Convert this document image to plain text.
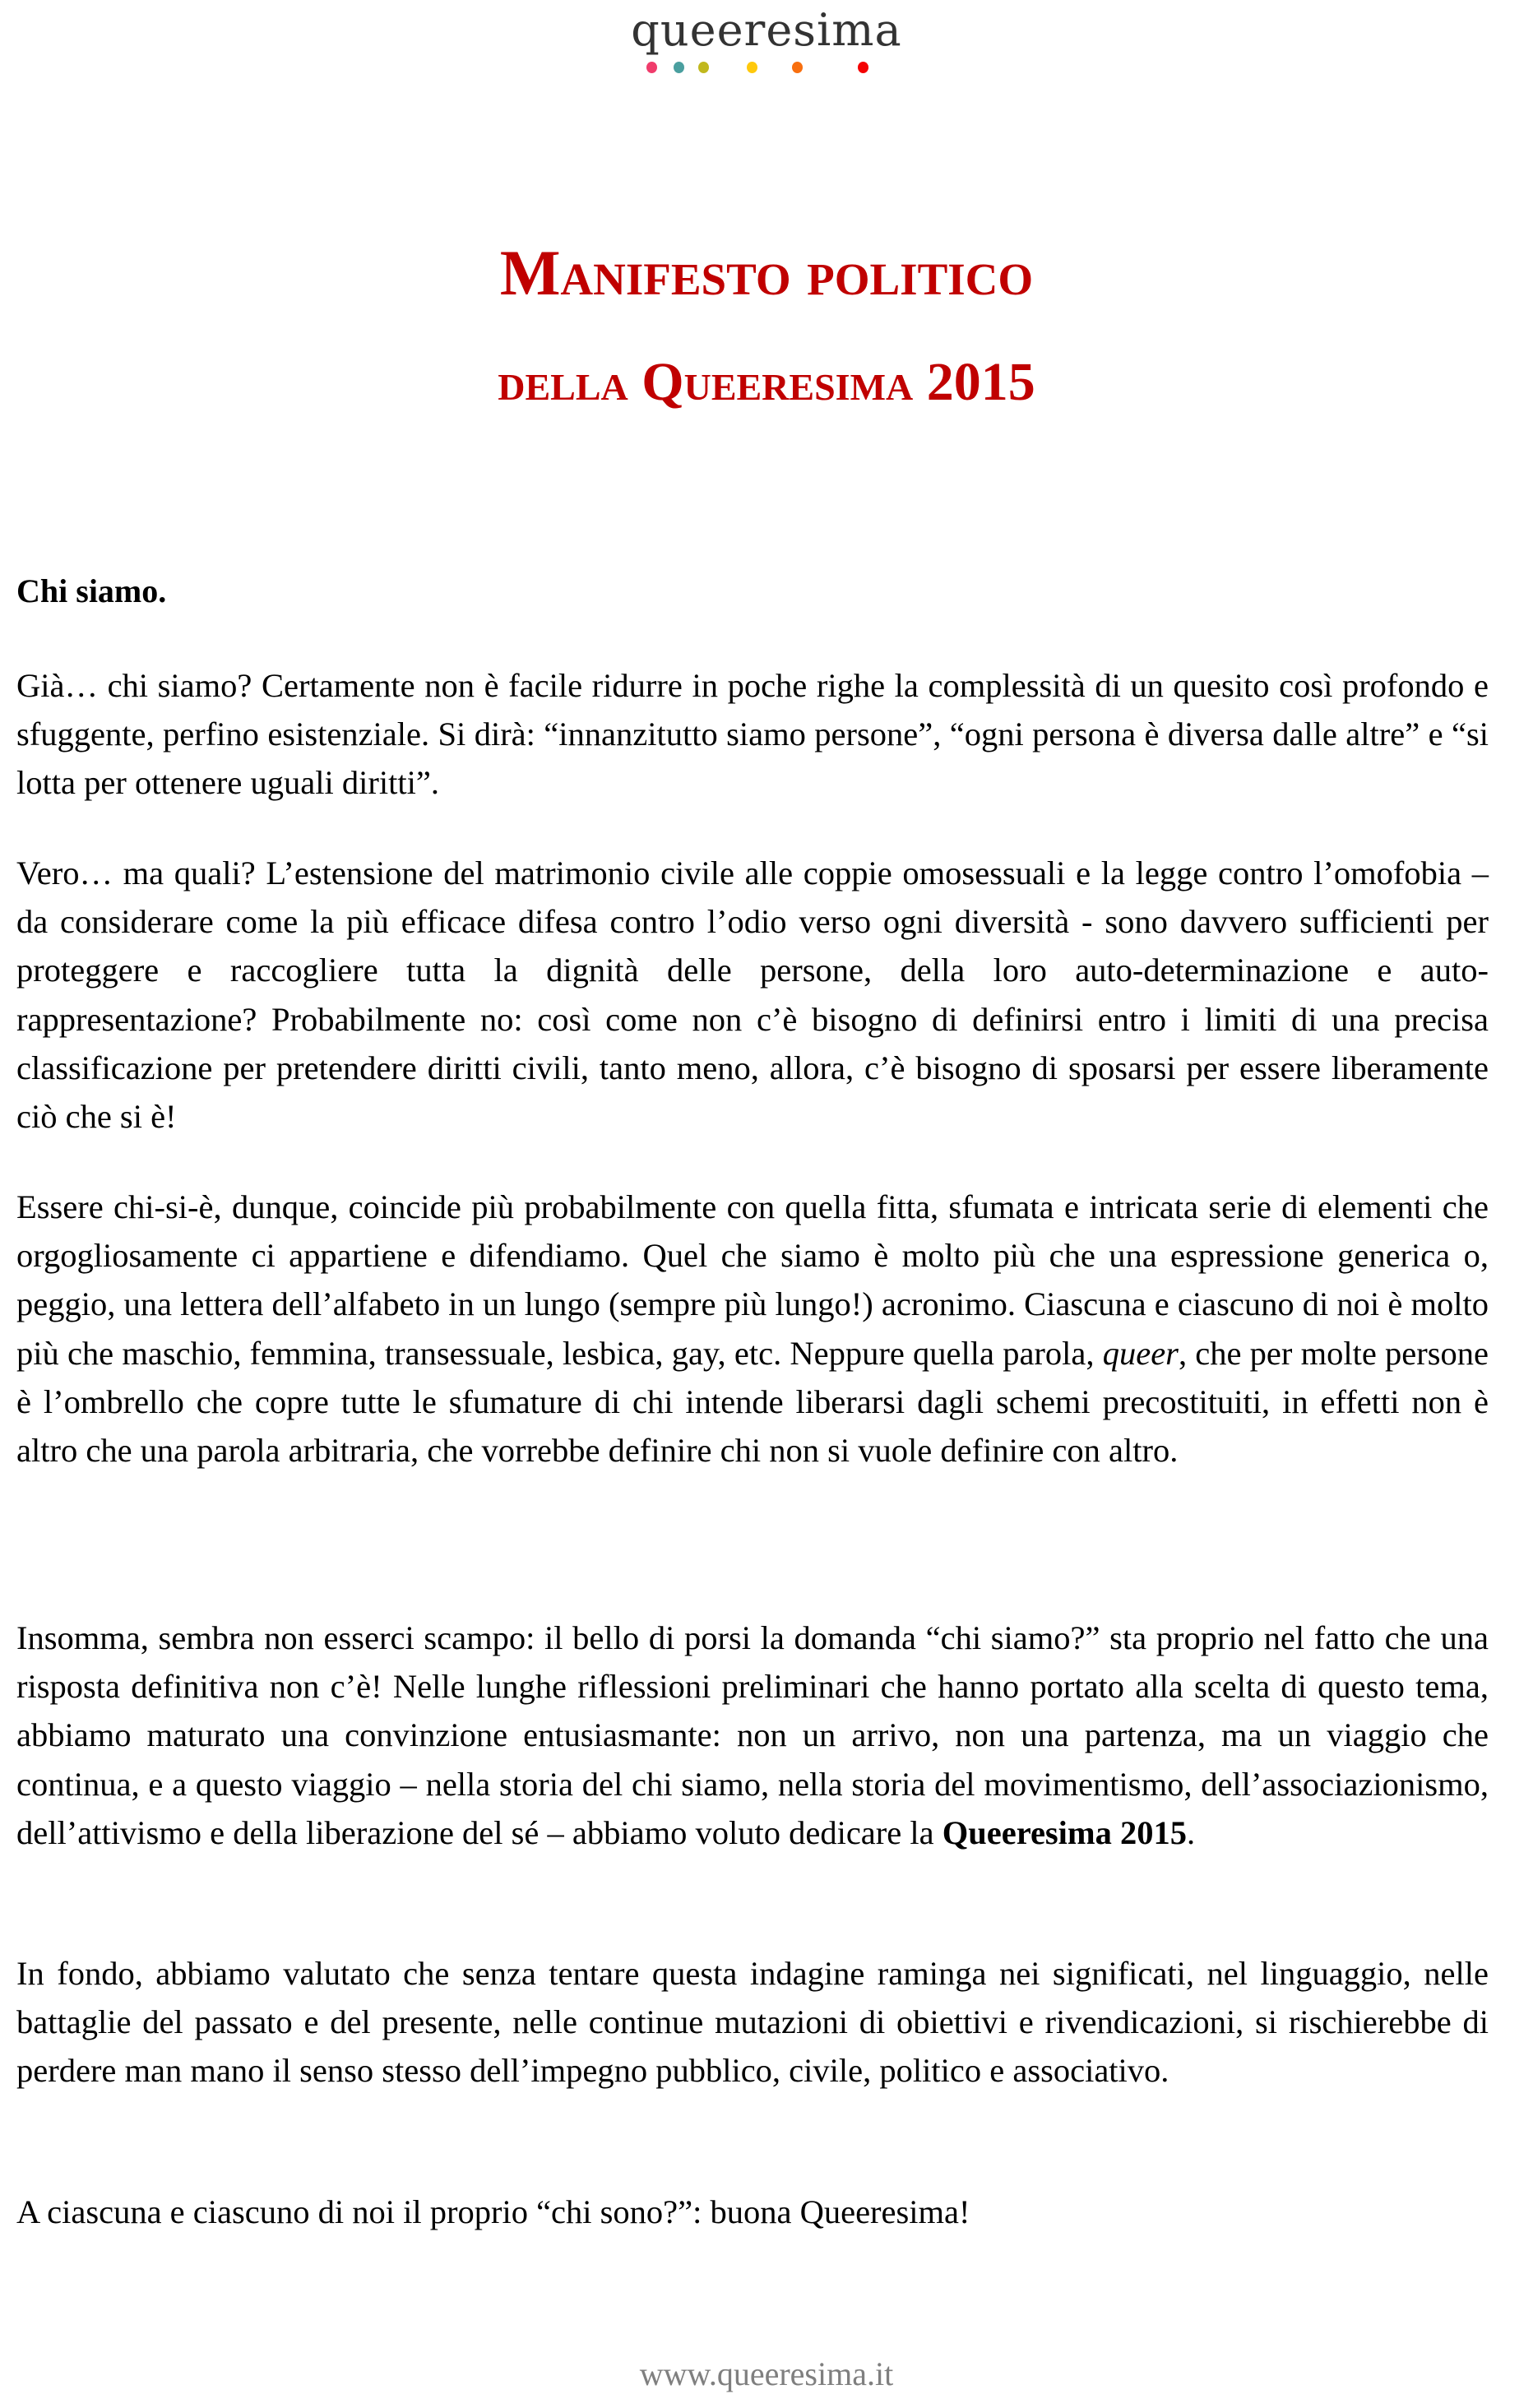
queeresima
Manifesto politico
della Queeresima 2015
Chi siamo.

Già… chi siamo? Certamente non è facile ridurre in poche righe la complessità di un quesito così profondo e sfuggente, perfino esistenziale. Si dirà: “innanzitutto siamo persone”, “ogni persona è diversa dalle altre” e “si lotta per ottenere uguali diritti”.

Vero… ma quali? L’estensione del matrimonio civile alle coppie omosessuali e la legge contro l’omofobia – da considerare come la più efficace difesa contro l’odio verso ogni diversità - sono davvero sufficienti per proteggere e raccogliere tutta la dignità delle persone, della loro auto-determinazione e auto-rappresentazione? Probabilmente no: così come non c’è bisogno di definirsi entro i limiti di una precisa classificazione per pretendere diritti civili, tanto meno, allora, c’è bisogno di sposarsi per essere liberamente ciò che si è!

Essere chi-si-è, dunque, coincide più probabilmente con quella fitta, sfumata e intricata serie di elementi che orgogliosamente ci appartiene e difendiamo. Quel che siamo è molto più che una espressione generica o, peggio, una lettera dell’alfabeto in un lungo (sempre più lungo!) acronimo. Ciascuna e ciascuno di noi è molto più che maschio, femmina, transessuale, lesbica, gay, etc. Neppure quella parola, queer, che per molte persone è l’ombrello che copre tutte le sfumature di chi intende liberarsi dagli schemi precostituiti, in effetti non è altro che una parola arbitraria, che vorrebbe definire chi non si vuole definire con altro.

Insomma, sembra non esserci scampo: il bello di porsi la domanda “chi siamo?” sta proprio nel fatto che una risposta definitiva non c’è! Nelle lunghe riflessioni preliminari che hanno portato alla scelta di questo tema, abbiamo maturato una convinzione entusiasmante: non un arrivo, non una partenza, ma un viaggio che continua, e a questo viaggio – nella storia del chi siamo, nella storia del movimentismo, dell’associazionismo, dell’attivismo e della liberazione del sé – abbiamo voluto dedicare la Queeresima 2015.

In fondo, abbiamo valutato che senza tentare questa indagine raminga nei significati, nel linguaggio, nelle battaglie del passato e del presente, nelle continue mutazioni di obiettivi e rivendicazioni, si rischierebbe di perdere man mano il senso stesso dell’impegno pubblico, civile, politico e associativo.

A ciascuna e ciascuno di noi il proprio “chi sono?”: buona Queeresima!

www.queeresima.it
